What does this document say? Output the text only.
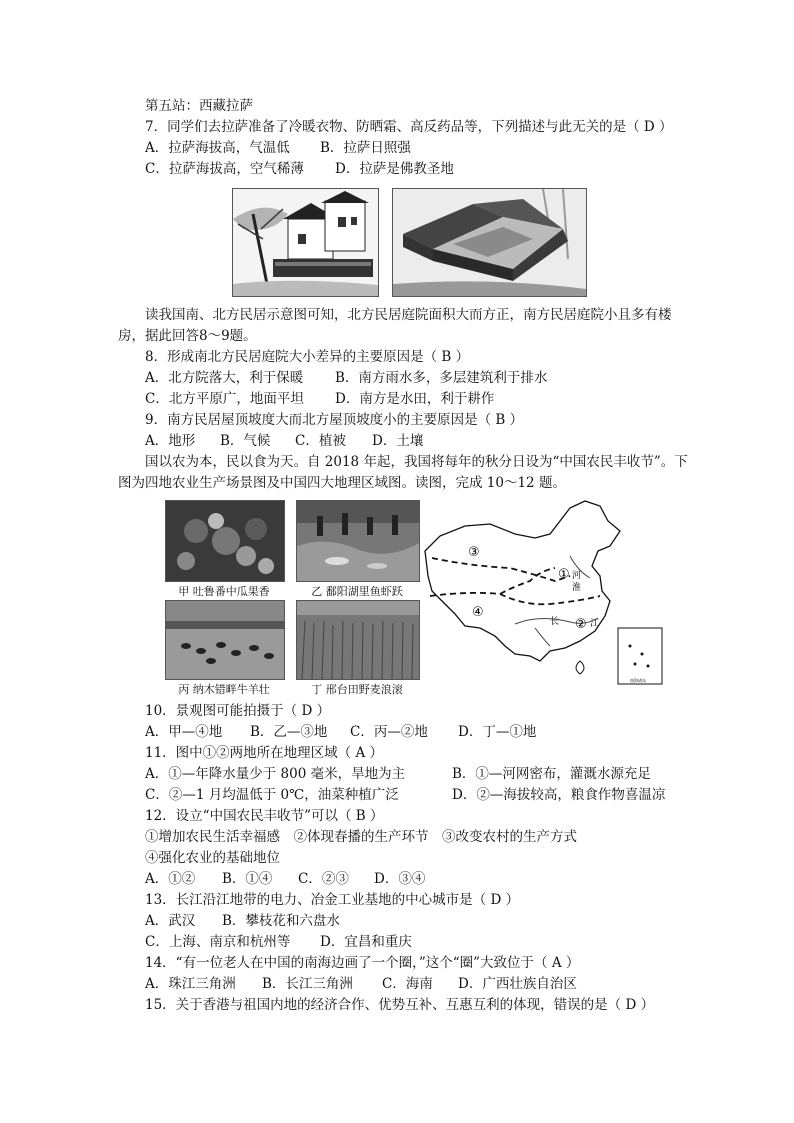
第五站：西藏拉萨
7．同学们去拉萨准备了冷暖衣物、防晒霜、高反药品等，下列描述与此无关的是（ D ）
A．拉萨海拔高，气温低 B．拉萨日照强
C．拉萨海拔高，空气稀薄 D．拉萨是佛教圣地
读我国南、北方民居示意图可知，北方民居庭院面积大而方正，南方民居庭院小且多有楼房，据此回答8～9题。
8．形成南北方民居庭院大小差异的主要原因是（ B ）
A．北方院落大，利于保暖 B．南方雨水多，多层建筑利于排水
C．北方平原广，地面平坦 D．南方是水田，利于耕作
9．南方民居屋顶坡度大而北方屋顶坡度小的主要原因是（ B ）
A．地形 B．气候 C．植被 D．土壤
国以农为本，民以食为天。自 2018 年起，我国将每年的秋分日设为“中国农民丰收节”。下图为四地农业生产场景图及中国四大地理区域图。读图，完成 10～12 题。
甲 吐鲁番中瓜果香	乙 鄱阳湖里鱼虾跃
丙 纳木错畔牛羊壮	丁 邢台田野麦浪滚
③
④
①
②
河
淮
长	江
南海诸岛
10．景观图可能拍摄于（ D ）
A．甲—④地 B．乙—③地 C．丙—②地 D．丁—①地
11．图中①②两地所在地理区域（ A ）
A．①—年降水量少于 800 毫米，旱地为主	B．①—河网密布，灌溉水源充足
C．②—1 月均温低于 0℃，油菜种植广泛	D．②—海拔较高，粮食作物喜温凉
12．设立“中国农民丰收节”可以（ B ）
①增加农民生活幸福感　②体现春播的生产环节　③改变农村的生产方式
④强化农业的基础地位
A．①② B．①④ C．②③ D．③④
13．长江沿江地带的电力、冶金工业基地的中心城市是（ D ）
A．武汉 B．攀枝花和六盘水
C．上海、南京和杭州等 D．宜昌和重庆
14．“有一位老人在中国的南海边画了一个圈，”这个“圈”大致位于（ A ）
A．珠江三角洲 B．长江三角洲 C．海南 D．广西壮族自治区
15．关于香港与祖国内地的经济合作、优势互补、互惠互利的体现，错误的是（ D ）
